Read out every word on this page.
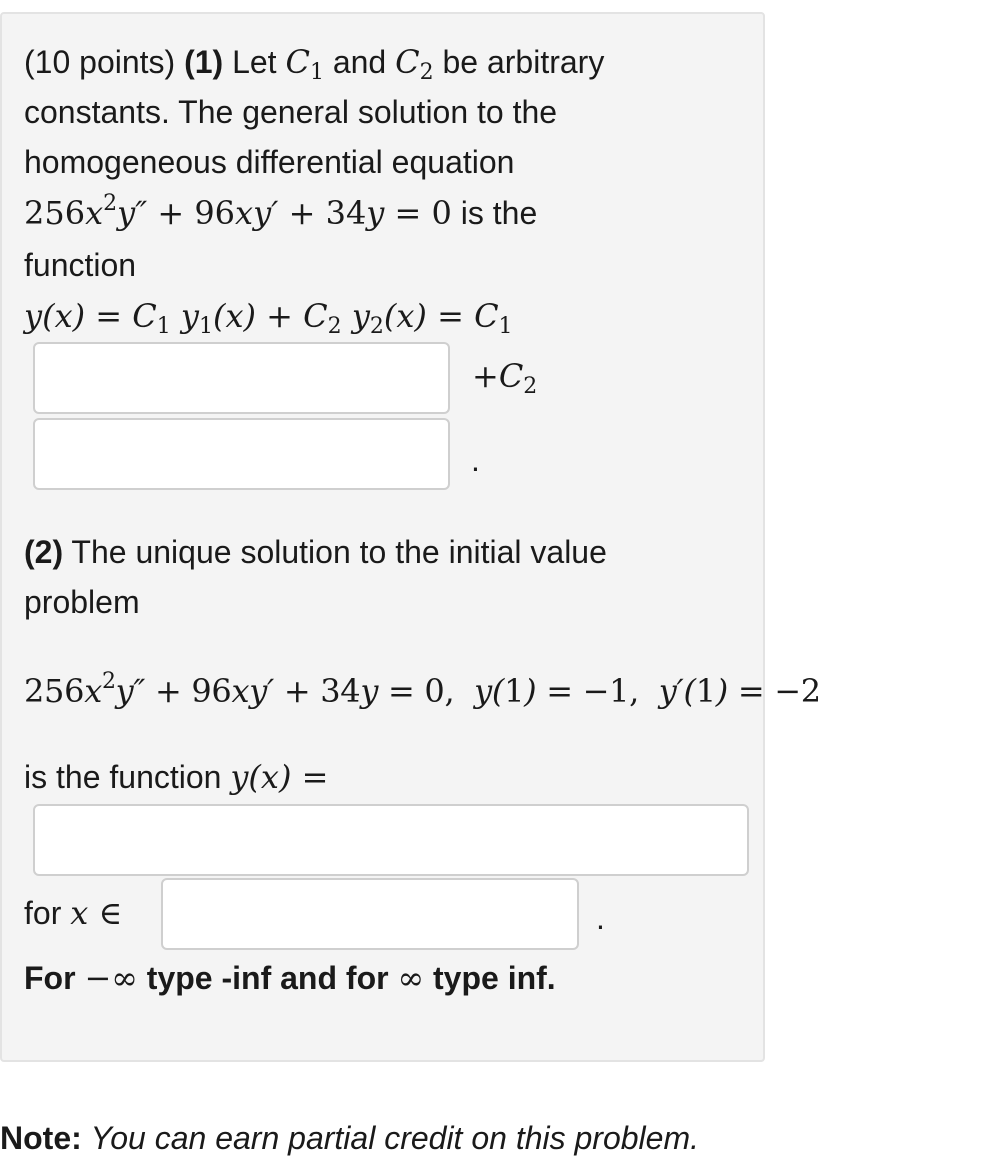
(10 points) (1) Let $C_1$ and $C_2$ be arbitrary
constants. The general solution to the
homogeneous differential equation
$256x^2y'' + 96xy' + 34y = 0$ is the
function
$y(x) = C_1$ $y_1(x) + C_2$ $y_2(x) = C_1$
$+C_2$
.
(2) The unique solution to the initial value
problem
$256x^2y'' + 96xy' + 34y = 0$,  y(1) = −1,  y′(1) = −2
is the function y(x) =
for x ∈	.
For −∞ type -inf and for ∞ type inf.
Note: You can earn partial credit on this problem.
